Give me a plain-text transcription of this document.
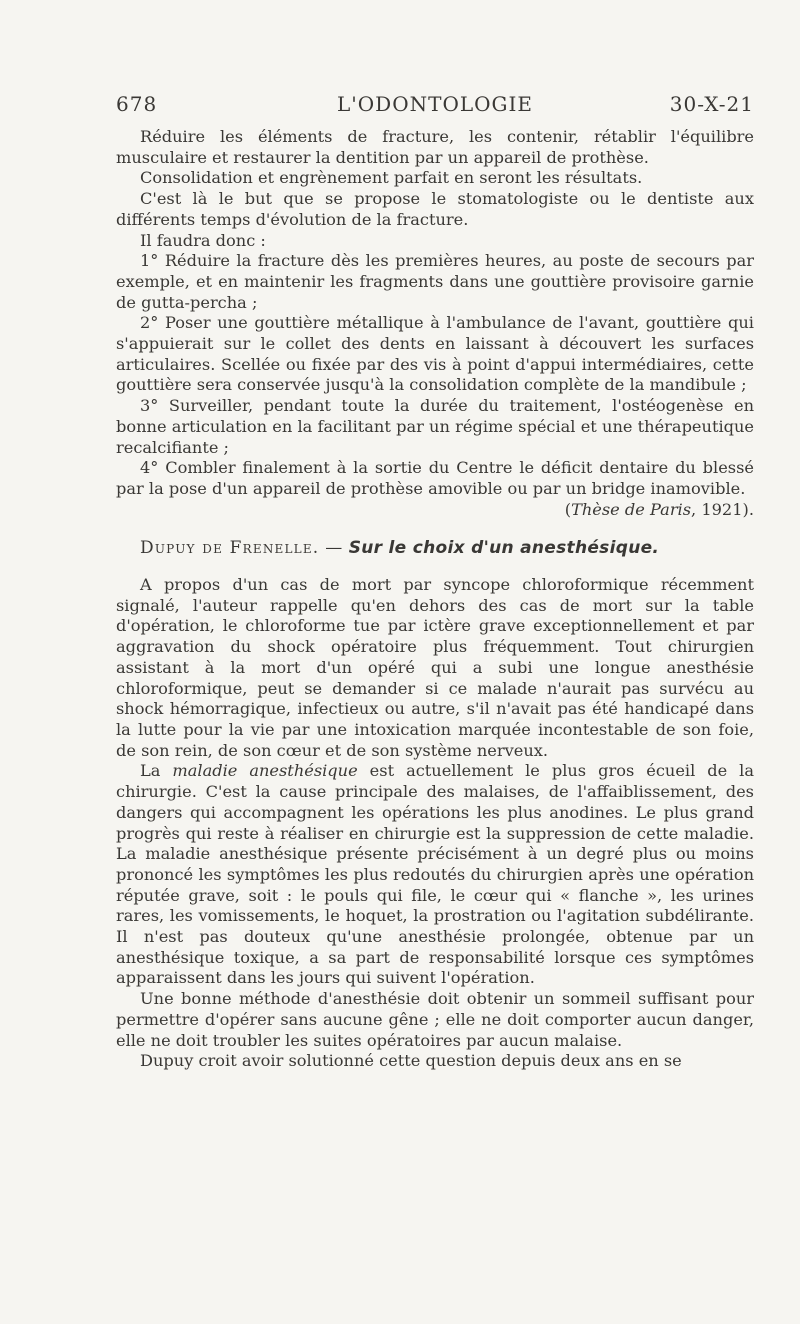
678	L'ODONTOLOGIE	30-X-21

Réduire les éléments de fracture, les contenir, rétablir l'équilibre musculaire et restaurer la dentition par un appareil de prothèse.

Consolidation et engrènement parfait en seront les résultats.

C'est là le but que se propose le stomatologiste ou le dentiste aux différents temps d'évolution de la fracture.

Il faudra donc :

1° Réduire la fracture dès les premières heures, au poste de secours par exemple, et en maintenir les fragments dans une gouttière provisoire garnie de gutta-percha ;

2° Poser une gouttière métallique à l'ambulance de l'avant, gouttière qui s'appuierait sur le collet des dents en laissant à découvert les surfaces articulaires. Scellée ou fixée par des vis à point d'appui intermédiaires, cette gouttière sera conservée jusqu'à la consolidation complète de la mandibule ;

3° Surveiller, pendant toute la durée du traitement, l'ostéogenèse en bonne articulation en la facilitant par un régime spécial et une thérapeutique recalcifiante ;

4° Combler finalement à la sortie du Centre le déficit dentaire du blessé par la pose d'un appareil de prothèse amovible ou par un bridge inamovible.
(Thèse de Paris, 1921).

Dupuy de Frenelle. — Sur le choix d'un anesthésique.

A propos d'un cas de mort par syncope chloroformique récemment signalé, l'auteur rappelle qu'en dehors des cas de mort sur la table d'opération, le chloroforme tue par ictère grave exceptionnellement et par aggravation du shock opératoire plus fréquemment. Tout chirurgien assistant à la mort d'un opéré qui a subi une longue anesthésie chloroformique, peut se demander si ce malade n'aurait pas survécu au shock hémorragique, infectieux ou autre, s'il n'avait pas été handicapé dans la lutte pour la vie par une intoxication marquée incontestable de son foie, de son rein, de son cœur et de son système nerveux.

La maladie anesthésique est actuellement le plus gros écueil de la chirurgie. C'est la cause principale des malaises, de l'affaiblissement, des dangers qui accompagnent les opérations les plus anodines. Le plus grand progrès qui reste à réaliser en chirurgie est la suppression de cette maladie. La maladie anesthésique présente précisément à un degré plus ou moins prononcé les symptômes les plus redoutés du chirurgien après une opération réputée grave, soit : le pouls qui file, le cœur qui « flanche », les urines rares, les vomissements, le hoquet, la prostration ou l'agitation subdélirante. Il n'est pas douteux qu'une anesthésie prolongée, obtenue par un anesthésique toxique, a sa part de responsabilité lorsque ces symptômes apparaissent dans les jours qui suivent l'opération.

Une bonne méthode d'anesthésie doit obtenir un sommeil suffisant pour permettre d'opérer sans aucune gêne ; elle ne doit comporter aucun danger, elle ne doit troubler les suites opératoires par aucun malaise.

Dupuy croit avoir solutionné cette question depuis deux ans en se
